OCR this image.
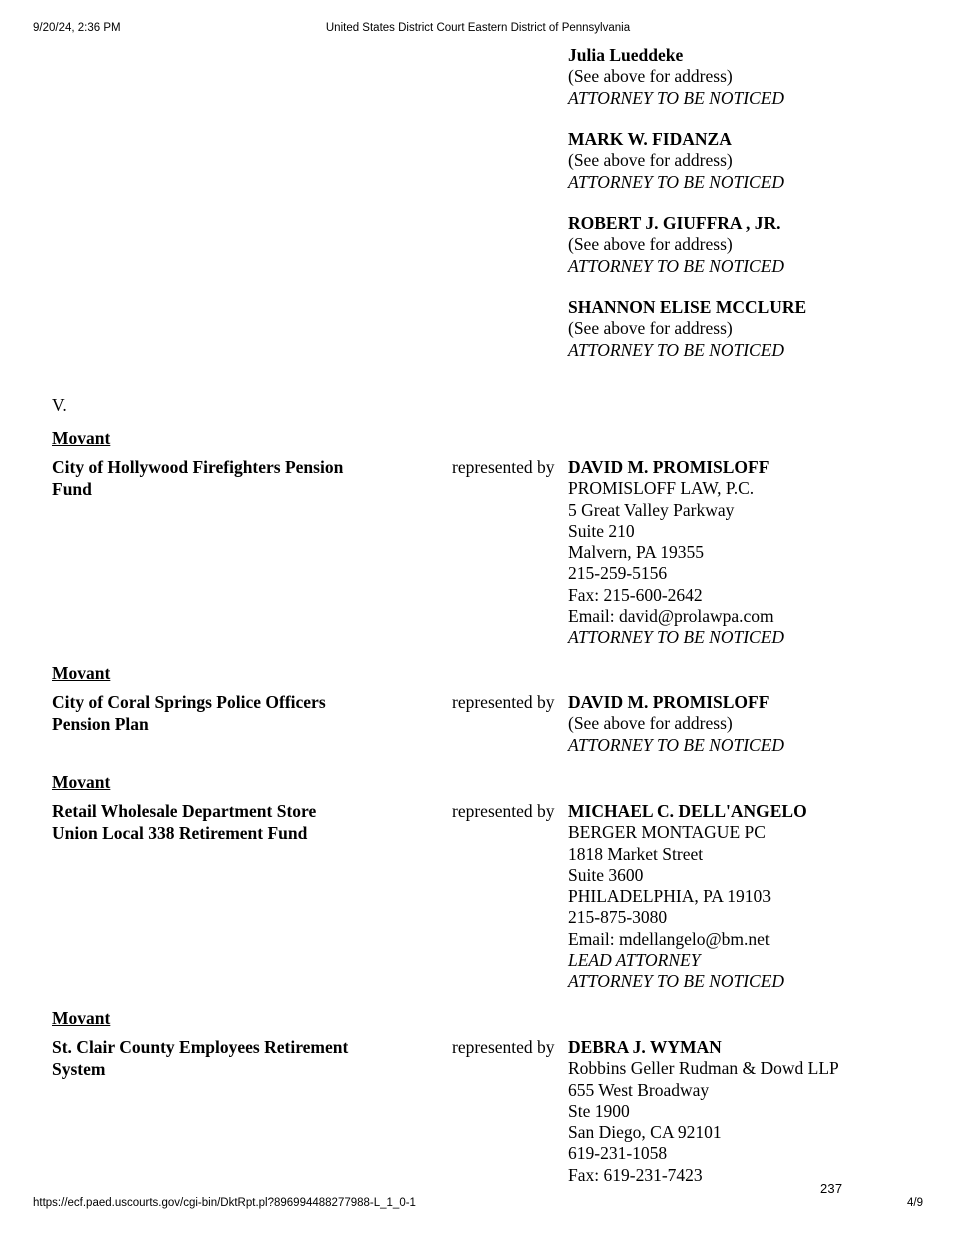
9/20/24, 2:36 PM	United States District Court Eastern District of Pennsylvania
Julia Lueddeke
(See above for address)
ATTORNEY TO BE NOTICED
MARK W. FIDANZA
(See above for address)
ATTORNEY TO BE NOTICED
ROBERT J. GIUFFRA , JR.
(See above for address)
ATTORNEY TO BE NOTICED
SHANNON ELISE MCCLURE
(See above for address)
ATTORNEY TO BE NOTICED
V.
Movant
City of Hollywood Firefighters Pension
Fund
represented by DAVID M. PROMISLOFF
PROMISLOFF LAW, P.C.
5 Great Valley Parkway
Suite 210
Malvern, PA 19355
215-259-5156
Fax: 215-600-2642
Email: david@prolawpa.com
ATTORNEY TO BE NOTICED
Movant
City of Coral Springs Police Officers
Pension Plan
represented by DAVID M. PROMISLOFF
(See above for address)
ATTORNEY TO BE NOTICED
Movant
Retail Wholesale Department Store
Union Local 338 Retirement Fund
represented by MICHAEL C. DELL'ANGELO
BERGER MONTAGUE PC
1818 Market Street
Suite 3600
PHILADELPHIA, PA 19103
215-875-3080
Email: mdellangelo@bm.net
LEAD ATTORNEY
ATTORNEY TO BE NOTICED
Movant
St. Clair County Employees Retirement
System
represented by DEBRA J. WYMAN
Robbins Geller Rudman & Dowd LLP
655 West Broadway
Ste 1900
San Diego, CA 92101
619-231-1058
Fax: 619-231-7423
237
https://ecf.paed.uscourts.gov/cgi-bin/DktRpt.pl?896994488277988-L_1_0-1	4/9
